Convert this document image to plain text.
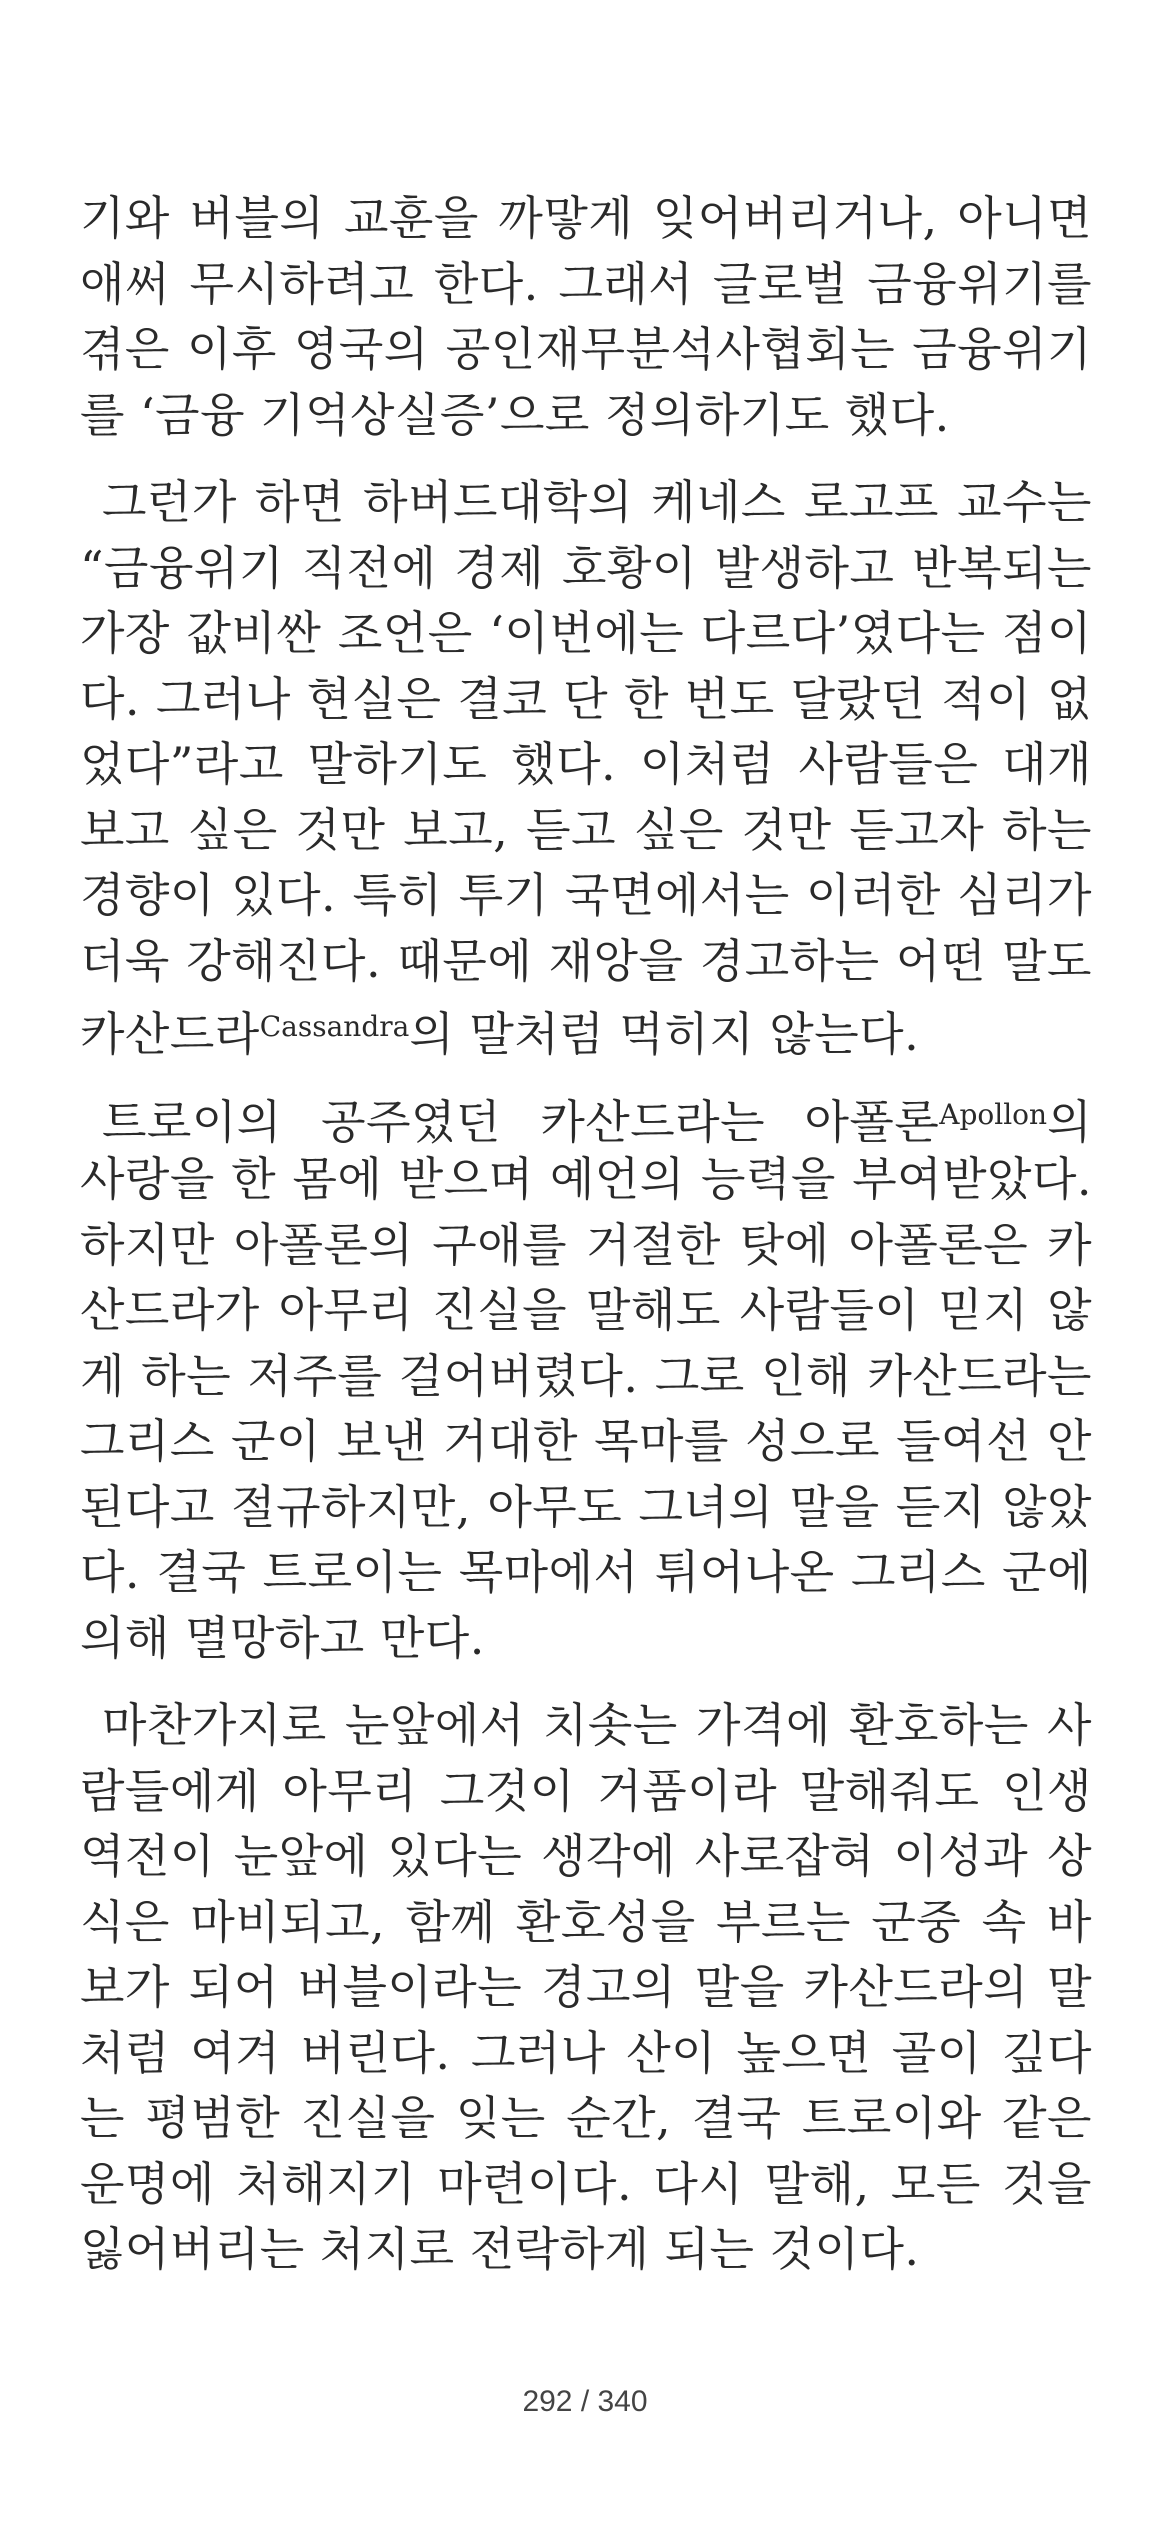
기와 버블의 교훈을 까맣게 잊어버리거나, 아니면
애써 무시하려고 한다. 그래서 글로벌 금융위기를
겪은 이후 영국의 공인재무분석사협회는 금융위기
를 ‘금융 기억상실증’으로 정의하기도 했다.

그런가 하면 하버드대학의 케네스 로고프 교수는
“금융위기 직전에 경제 호황이 발생하고 반복되는
가장 값비싼 조언은 ‘이번에는 다르다’였다는 점이
다. 그러나 현실은 결코 단 한 번도 달랐던 적이 없
었다”라고 말하기도 했다. 이처럼 사람들은 대개
보고 싶은 것만 보고, 듣고 싶은 것만 듣고자 하는
경향이 있다. 특히 투기 국면에서는 이러한 심리가
더욱 강해진다. 때문에 재앙을 경고하는 어떤 말도
카산드라$^{Cassandra}$의 말처럼 먹히지 않는다.

트로이의 공주였던 카산드라는 아폴론$^{Apollon}$의
사랑을 한 몸에 받으며 예언의 능력을 부여받았다.
하지만 아폴론의 구애를 거절한 탓에 아폴론은 카
산드라가 아무리 진실을 말해도 사람들이 믿지 않
게 하는 저주를 걸어버렸다. 그로 인해 카산드라는
그리스 군이 보낸 거대한 목마를 성으로 들여선 안
된다고 절규하지만, 아무도 그녀의 말을 듣지 않았
다. 결국 트로이는 목마에서 튀어나온 그리스 군에
의해 멸망하고 만다.

마찬가지로 눈앞에서 치솟는 가격에 환호하는 사
람들에게 아무리 그것이 거품이라 말해줘도 인생
역전이 눈앞에 있다는 생각에 사로잡혀 이성과 상
식은 마비되고, 함께 환호성을 부르는 군중 속 바
보가 되어 버블이라는 경고의 말을 카산드라의 말
처럼 여겨 버린다. 그러나 산이 높으면 골이 깊다
는 평범한 진실을 잊는 순간, 결국 트로이와 같은
운명에 처해지기 마련이다. 다시 말해, 모든 것을
잃어버리는 처지로 전락하게 되는 것이다.

292 / 340
